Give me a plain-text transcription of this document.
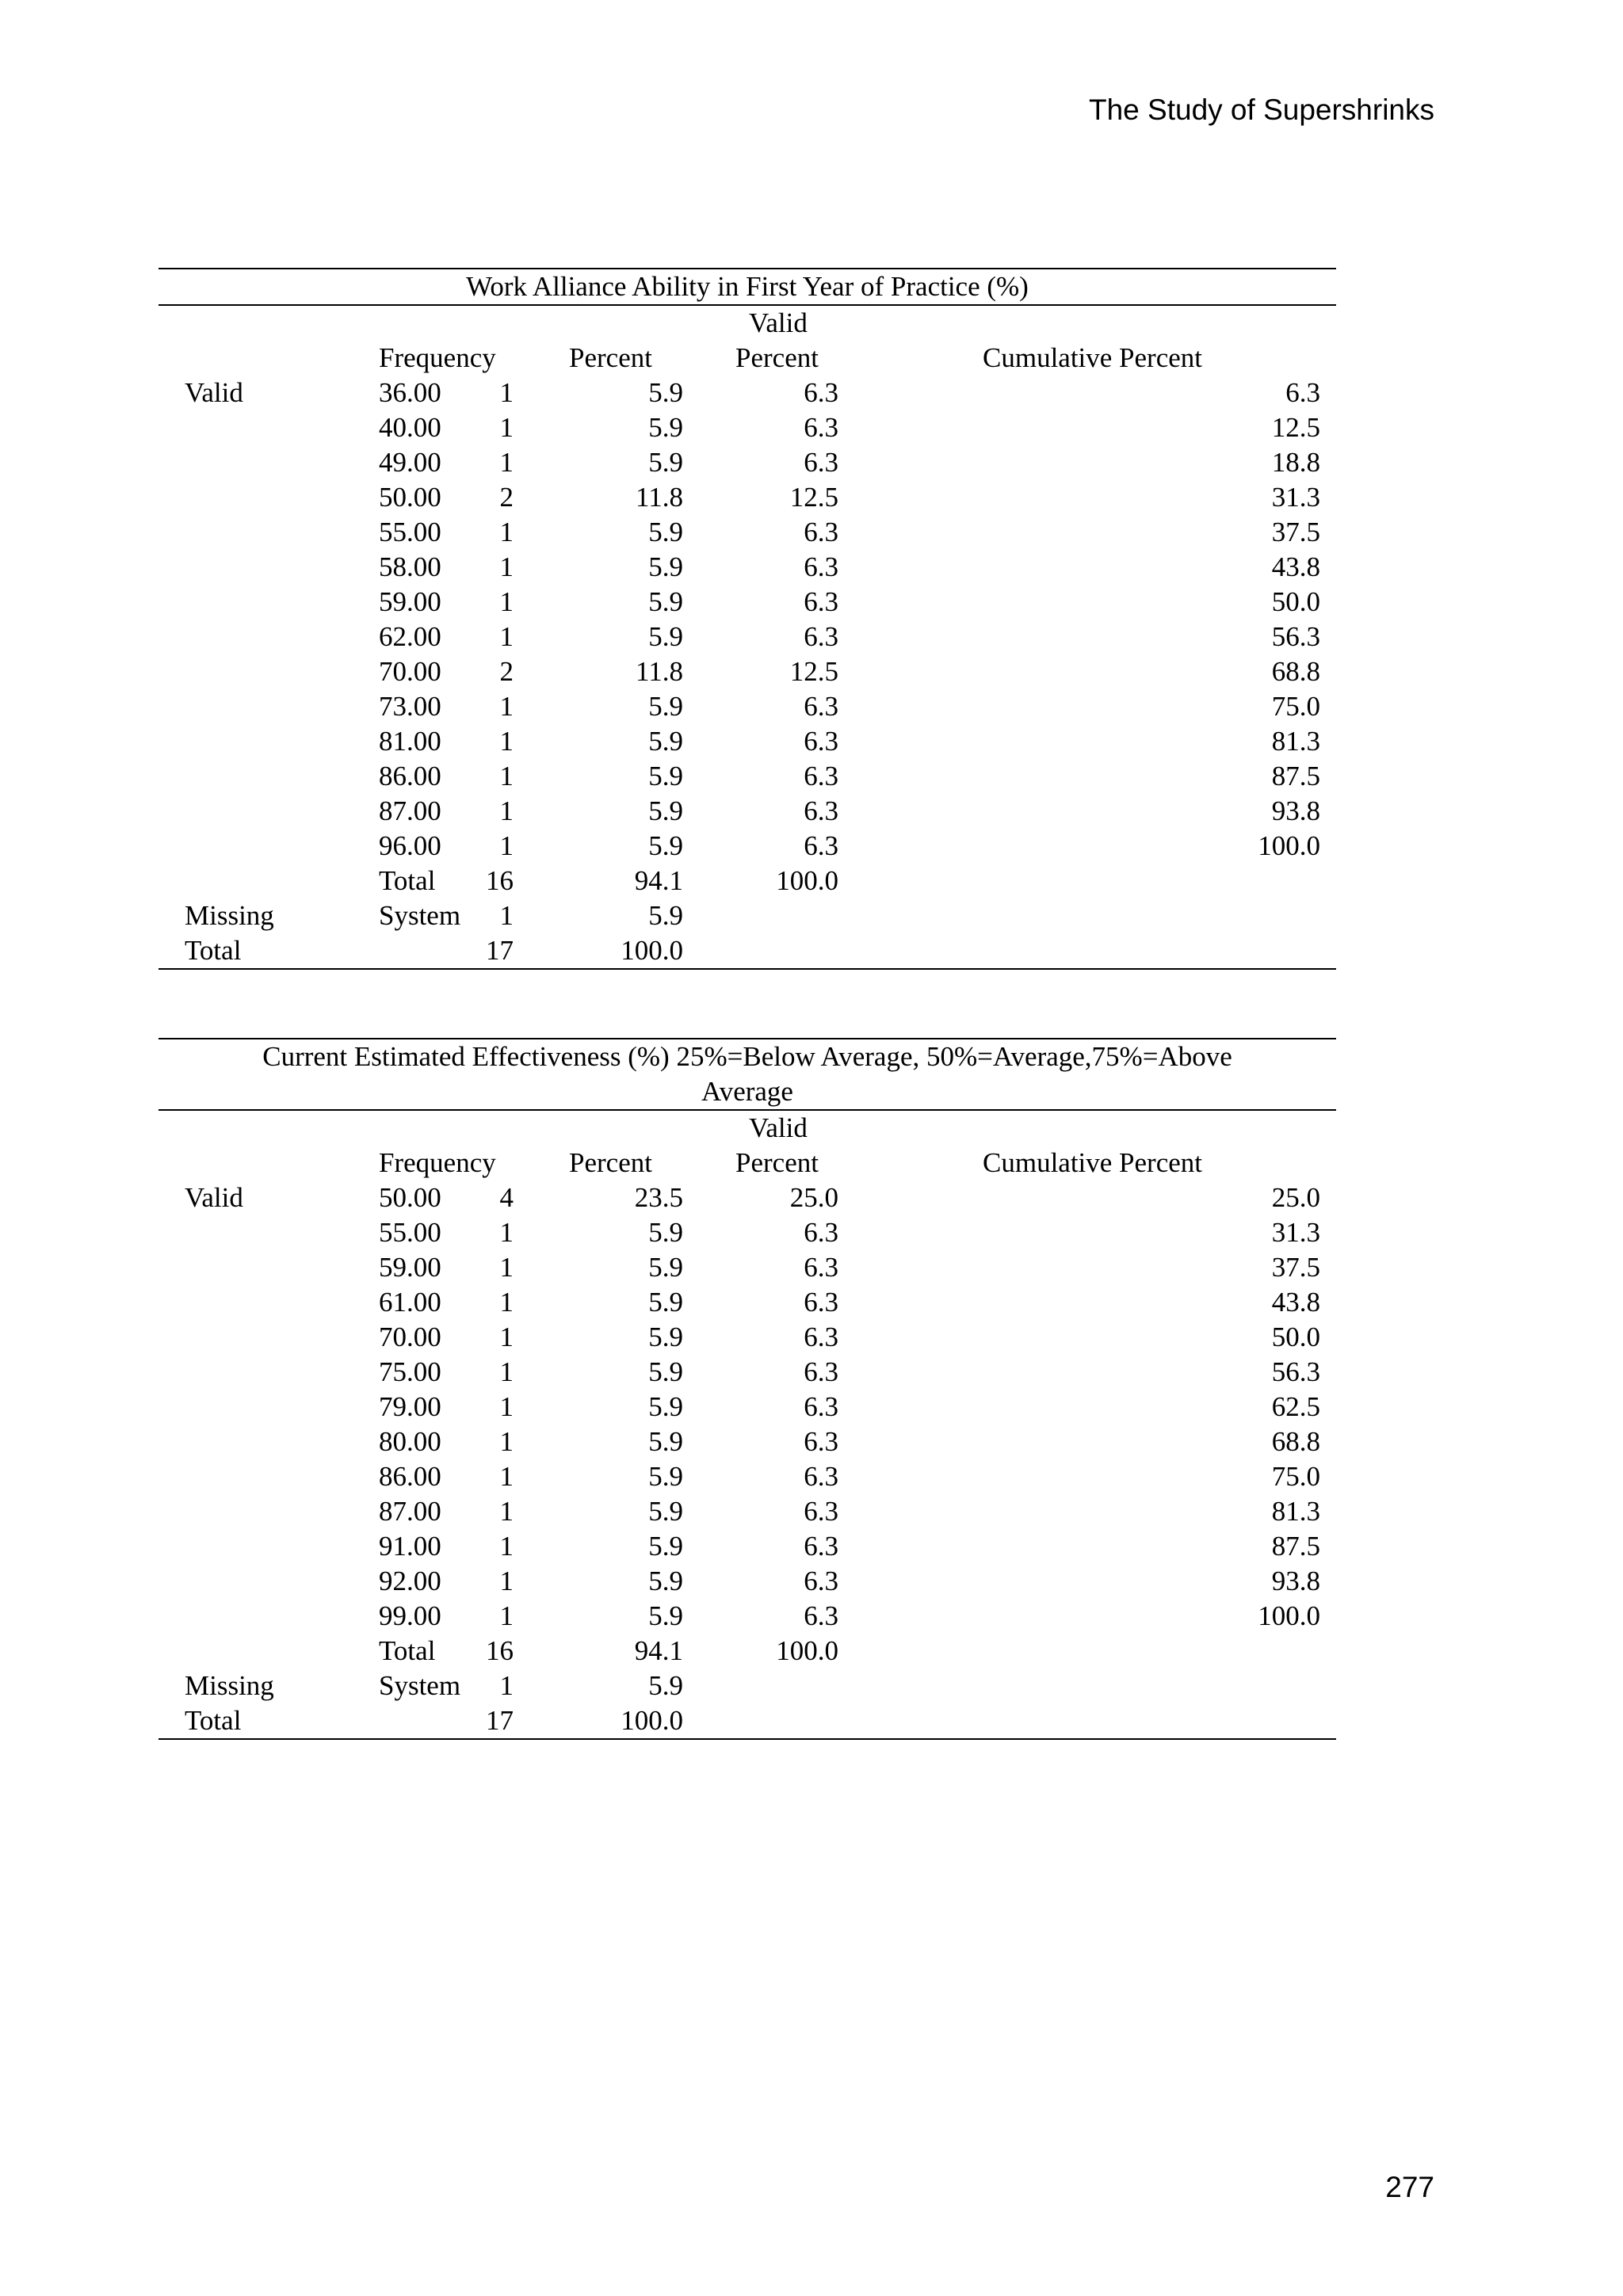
The Study of Supershrinks
Work Alliance Ability in First Year of Practice (%)
Valid
Frequency	Percent	Percent	Cumulative Percent
Valid	36.00 1	5.9	6.3	6.3
40.00 1	5.9	6.3	12.5
49.00 1	5.9	6.3	18.8
50.00 2	11.8	12.5	31.3
55.00 1	5.9	6.3	37.5
58.00 1	5.9	6.3	43.8
59.00 1	5.9	6.3	50.0
62.00 1	5.9	6.3	56.3
70.00 2	11.8	12.5	68.8
73.00 1	5.9	6.3	75.0
81.00 1	5.9	6.3	81.3
86.00 1	5.9	6.3	87.5
87.00 1	5.9	6.3	93.8
96.00 1	5.9	6.3	100.0
Total 16	94.1	100.0
Missing	System 1	5.9
Total	17	100.0
Current Estimated Effectiveness (%) 25%=Below Average, 50%=Average,75%=Above
Average
Valid
Frequency	Percent	Percent	Cumulative Percent
Valid	50.00 4	23.5	25.0	25.0
55.00 1	5.9	6.3	31.3
59.00 1	5.9	6.3	37.5
61.00 1	5.9	6.3	43.8
70.00 1	5.9	6.3	50.0
75.00 1	5.9	6.3	56.3
79.00 1	5.9	6.3	62.5
80.00 1	5.9	6.3	68.8
86.00 1	5.9	6.3	75.0
87.00 1	5.9	6.3	81.3
91.00 1	5.9	6.3	87.5
92.00 1	5.9	6.3	93.8
99.00 1	5.9	6.3	100.0
Total 16	94.1	100.0
Missing	System 1	5.9
Total	17	100.0
277
